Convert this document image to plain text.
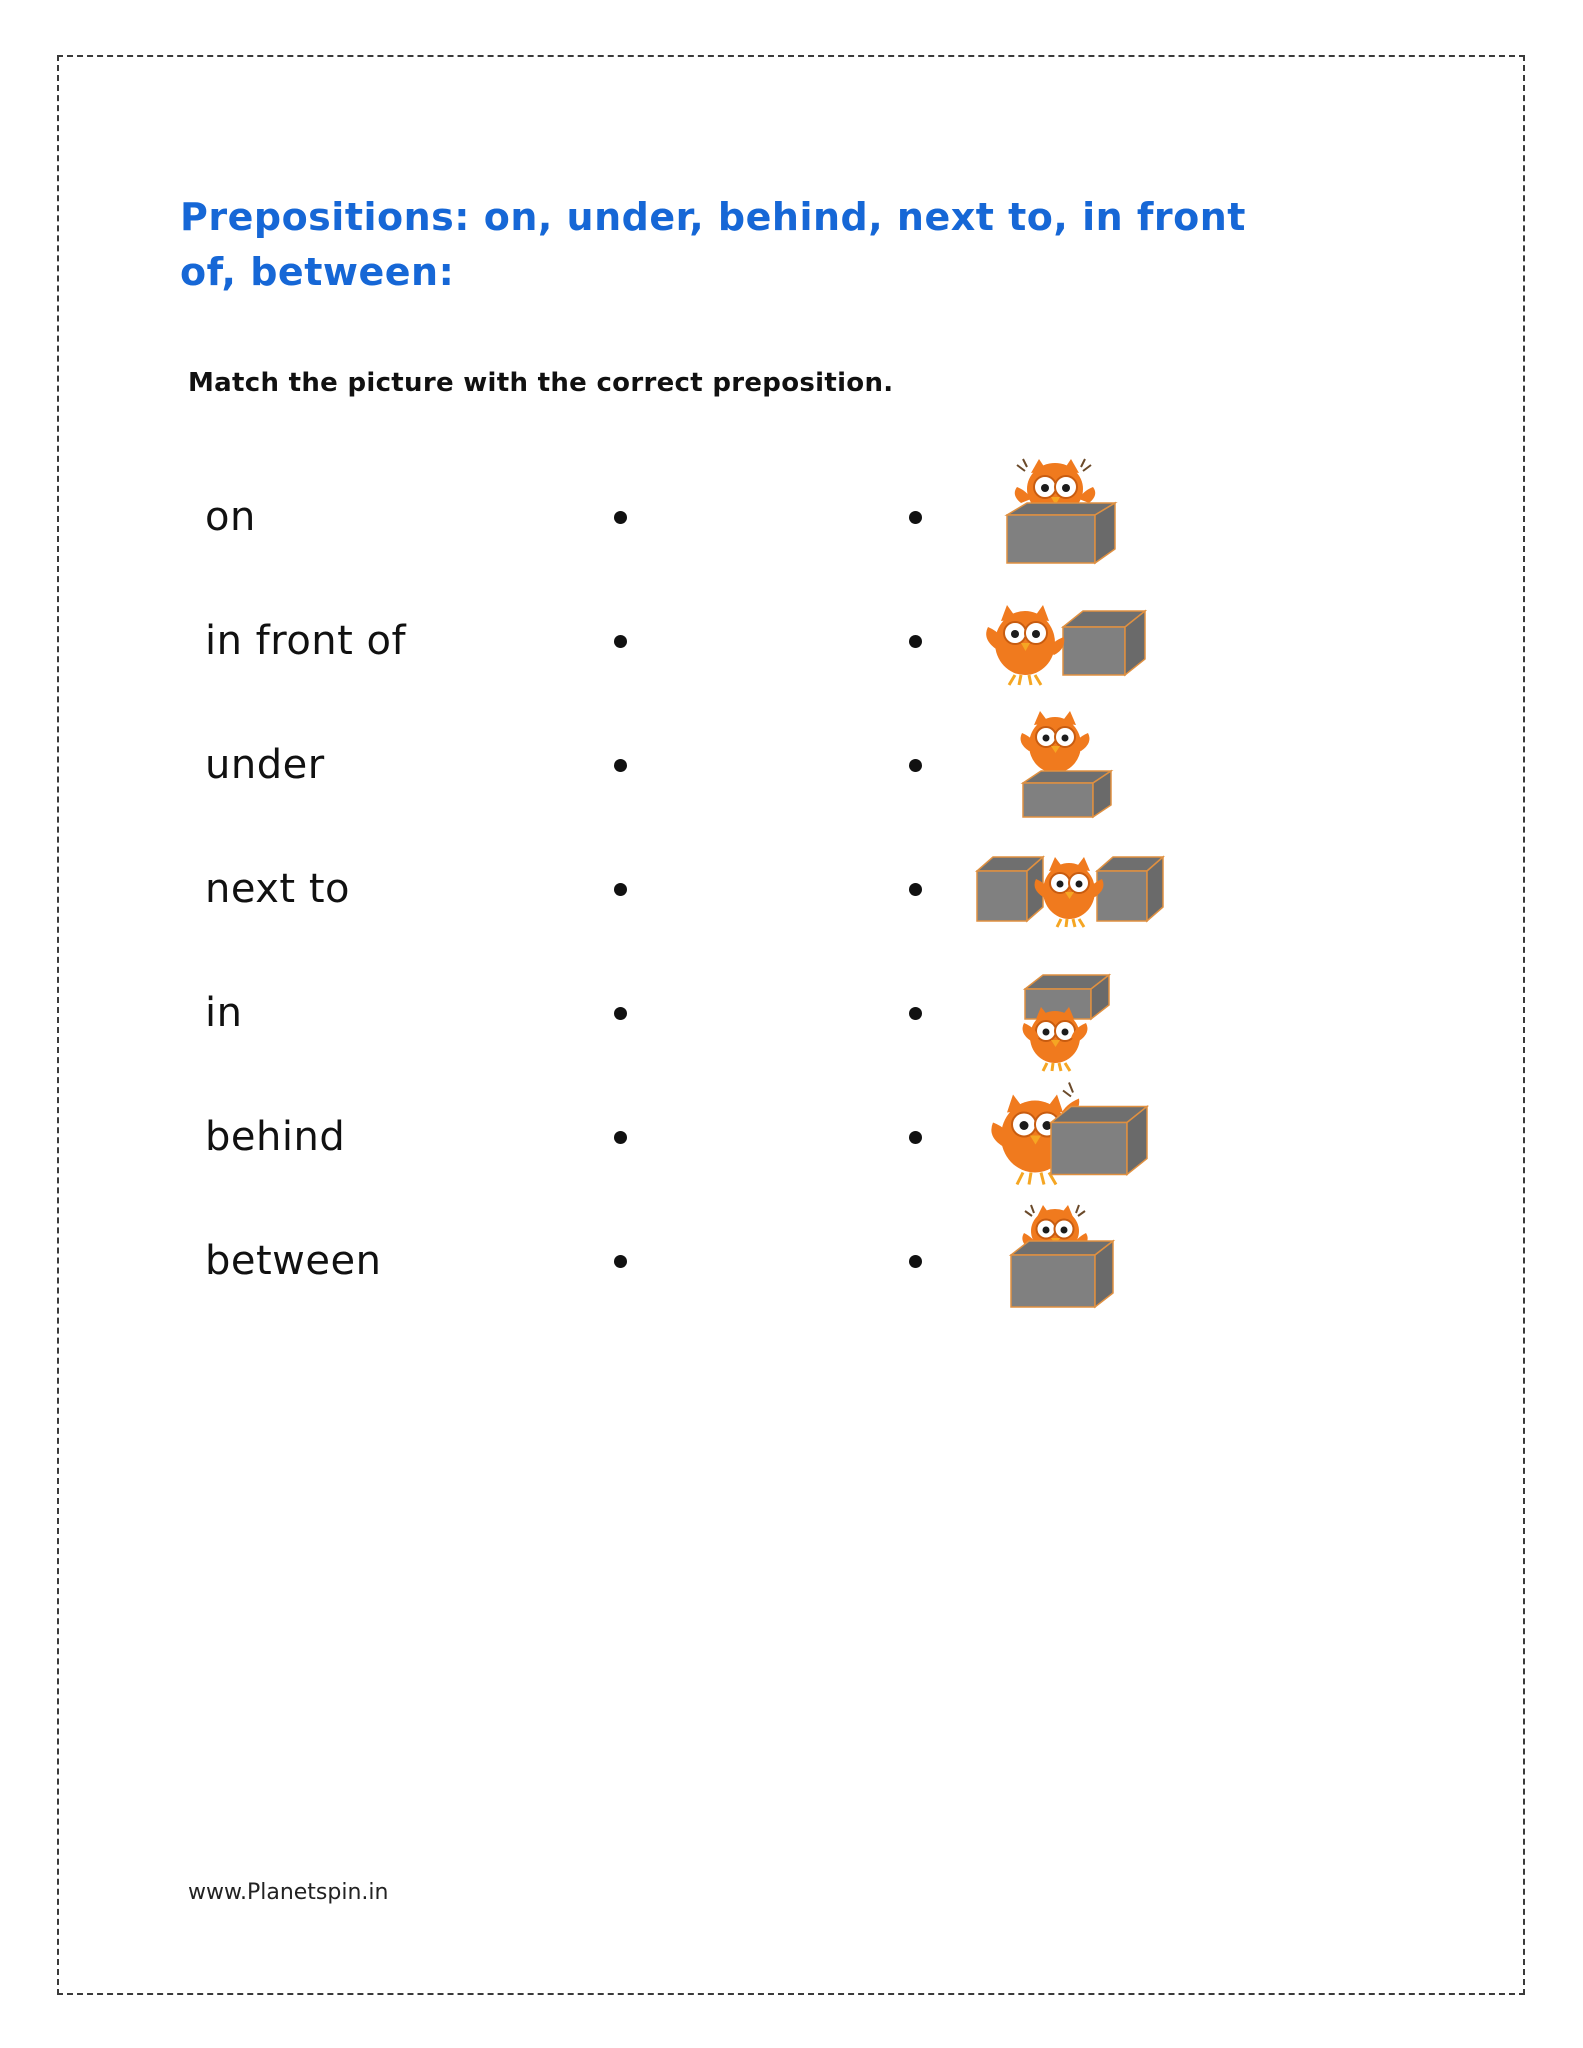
Prepositions: on, under, behind, next to, in front of, between:
Match the picture with the correct preposition.
on
in front of
under
next to
in
behind
between
www.Planetspin.in
